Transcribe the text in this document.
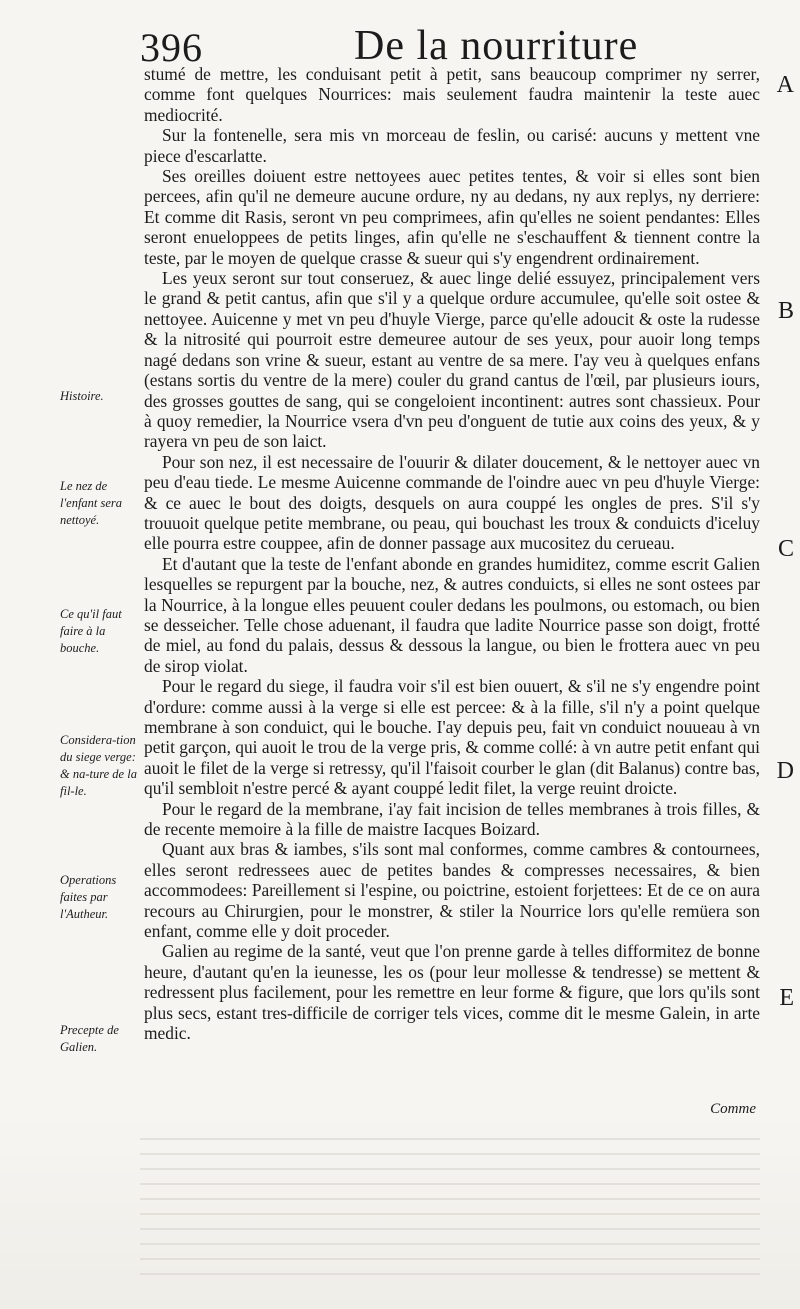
396	De la nourriture
A
B
C
D
E
Histoire.
Le nez de l'enfant sera nettoyé.
Ce qu'il faut faire à la bouche.
Considera-tion du siege verge: & na-ture de la fil-le.
Operations faites par l'Autheur.
Precepte de Galien.

stumé de mettre, les conduisant petit à petit, sans beaucoup comprimer ny serrer, comme font quelques Nourrices: mais seulement faudra maintenir la teste auec mediocrité.

Sur la fontenelle, sera mis vn morceau de feslin, ou carisé: aucuns y mettent vne piece d'escarlatte.

Ses oreilles doiuent estre nettoyees auec petites tentes, & voir si elles sont bien percees, afin qu'il ne demeure aucune ordure, ny au dedans, ny aux replys, ny derriere: Et comme dit Rasis, seront vn peu comprimees, afin qu'elles ne soient pendantes: Elles seront enueloppees de petits linges, afin qu'elle ne s'eschauffent & tiennent contre la teste, par le moyen de quelque crasse & sueur qui s'y engendrent ordinairement.

Les yeux seront sur tout conseruez, & auec linge delié essuyez, principalement vers le grand & petit cantus, afin que s'il y a quelque ordure accumulee, qu'elle soit ostee & nettoyee. Auicenne y met vn peu d'huyle Vierge, parce qu'elle adoucit & oste la rudesse & la nitrosité qui pourroit estre demeuree autour de ses yeux, pour auoir long temps nagé dedans son vrine & sueur, estant au ventre de sa mere. I'ay veu à quelques enfans (estans sortis du ventre de la mere) couler du grand cantus de l'œil, par plusieurs iours, des grosses gouttes de sang, qui se congeloient incontinent: autres sont chassieux. Pour à quoy remedier, la Nourrice vsera d'vn peu d'onguent de tutie aux coins des yeux, & y rayera vn peu de son laict.

Pour son nez, il est necessaire de l'ouurir & dilater doucement, & le nettoyer auec vn peu d'eau tiede. Le mesme Auicenne commande de l'oindre auec vn peu d'huyle Vierge: & ce auec le bout des doigts, desquels on aura couppé les ongles de pres. S'il s'y trouuoit quelque petite membrane, ou peau, qui bouchast les troux & conduicts d'iceluy elle pourra estre couppee, afin de donner passage aux mucositez du cerueau.

Et d'autant que la teste de l'enfant abonde en grandes humiditez, comme escrit Galien lesquelles se repurgent par la bouche, nez, & autres conduicts, si elles ne sont ostees par la Nourrice, à la longue elles peuuent couler dedans les poulmons, ou estomach, ou bien se desseicher. Telle chose aduenant, il faudra que ladite Nourrice passe son doigt, frotté de miel, au fond du palais, dessus & dessous la langue, ou bien le frottera auec vn peu de sirop violat.

Pour le regard du siege, il faudra voir s'il est bien ouuert, & s'il ne s'y engendre point d'ordure: comme aussi à la verge si elle est percee: & à la fille, s'il n'y a point quelque membrane à son conduict, qui le bouche. I'ay depuis peu, fait vn conduict nouueau à vn petit garçon, qui auoit le trou de la verge pris, & comme collé: à vn autre petit enfant qui auoit le filet de la verge si retressy, qu'il l'faisoit courber le glan (dit Balanus) contre bas, qu'il sembloit n'estre percé & ayant couppé ledit filet, la verge reuint droicte.

Pour le regard de la membrane, i'ay fait incision de telles membranes à trois filles, & de recente memoire à la fille de maistre Iacques Boizard.

Quant aux bras & iambes, s'ils sont mal conformes, comme cambres & contournees, elles seront redressees auec de petites bandes & compresses necessaires, & bien accommodees: Pareillement si l'espine, ou poictrine, estoient forjettees: Et de ce on aura recours au Chirurgien, pour le monstrer, & stiler la Nourrice lors qu'elle remüera son enfant, comme elle y doit proceder.

Galien au regime de la santé, veut que l'on prenne garde à telles difformitez de bonne heure, d'autant qu'en la ieunesse, les os (pour leur mollesse & tendresse) se mettent & redressent plus facilement, pour les remettre en leur forme & figure, que lors qu'ils sont plus secs, estant tres-difficile de corriger tels vices, comme dit le mesme Galein, in arte medic.

Comme
